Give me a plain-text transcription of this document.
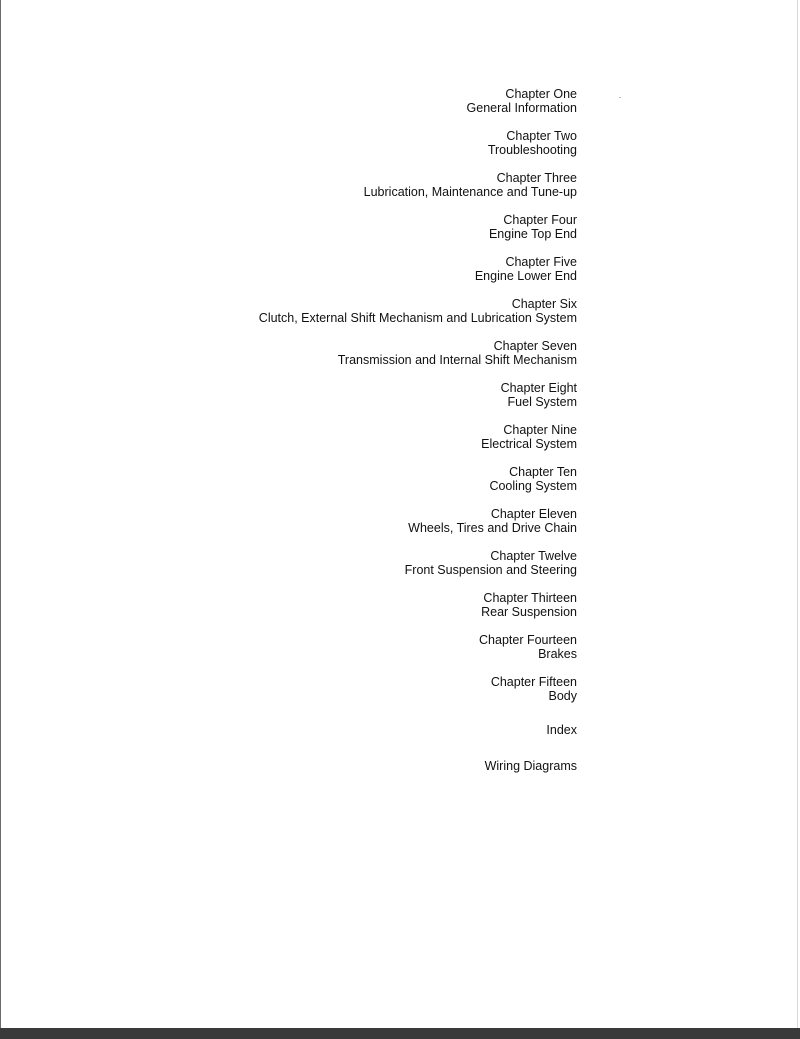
Chapter One
General Information
Chapter Two
Troubleshooting
Chapter Three
Lubrication, Maintenance and Tune-up
Chapter Four
Engine Top End
Chapter Five
Engine Lower End
Chapter Six
Clutch, External Shift Mechanism and Lubrication System
Chapter Seven
Transmission and Internal Shift Mechanism
Chapter Eight
Fuel System
Chapter Nine
Electrical System
Chapter Ten
Cooling System
Chapter Eleven
Wheels, Tires and Drive Chain
Chapter Twelve
Front Suspension and Steering
Chapter Thirteen
Rear Suspension
Chapter Fourteen
Brakes
Chapter Fifteen
Body
Index
Wiring Diagrams
